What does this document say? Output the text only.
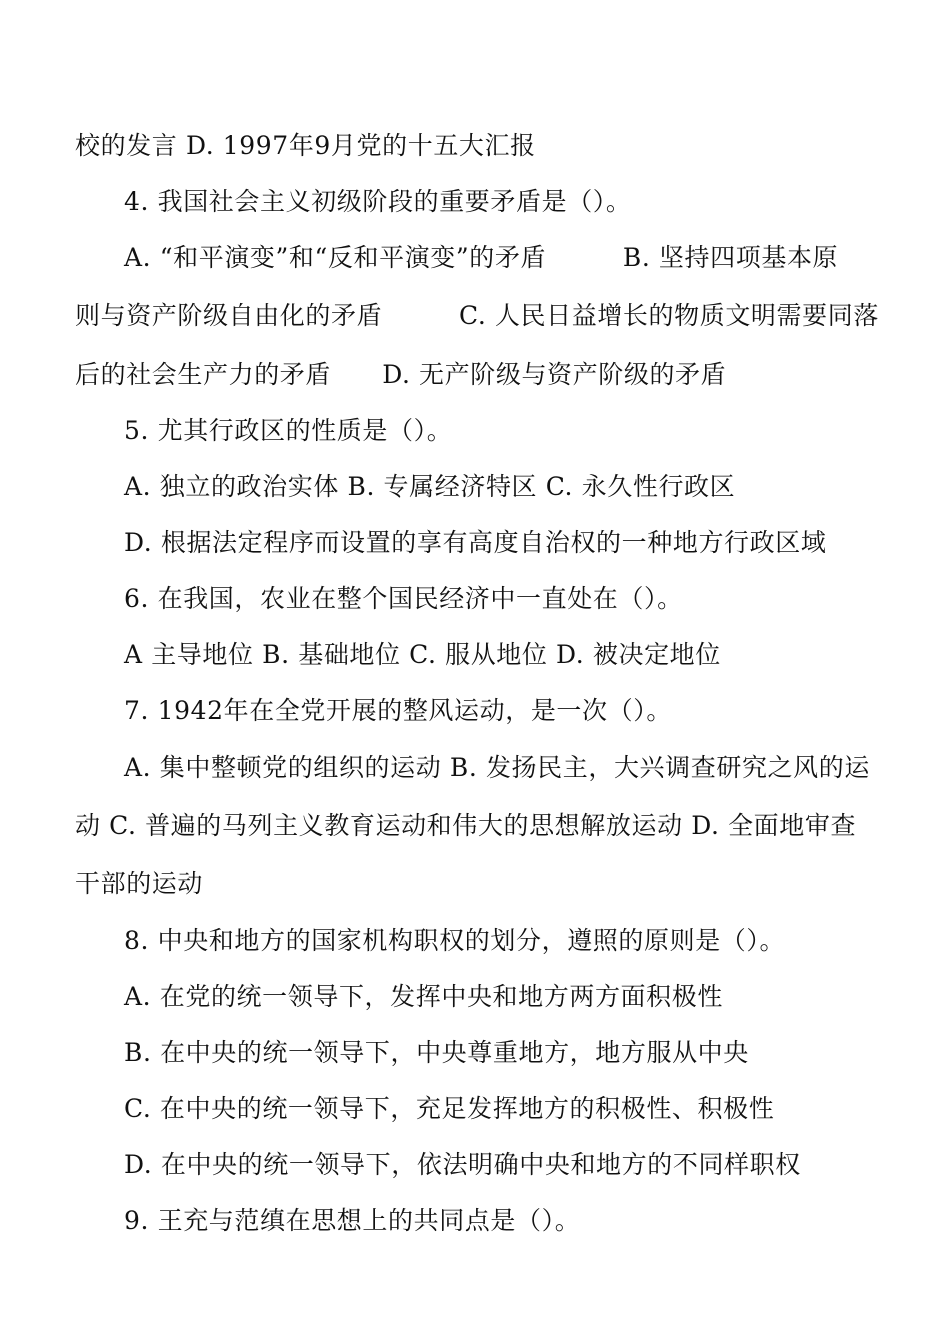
校的发言 D. 1997年9月党的十五大汇报
4. 我国社会主义初级阶段的重要矛盾是（）。
A. “和平演变”和“反和平演变”的矛盾　　　B. 坚持四项基本原
则与资产阶级自由化的矛盾　　　C. 人民日益增长的物质文明需要同落
后的社会生产力的矛盾　　D. 无产阶级与资产阶级的矛盾
5. 尤其行政区的性质是（）。
A. 独立的政治实体 B. 专属经济特区 C. 永久性行政区
D. 根据法定程序而设置的享有高度自治权的一种地方行政区域
6. 在我国，农业在整个国民经济中一直处在（）。
A 主导地位 B. 基础地位 C. 服从地位 D. 被决定地位
7. 1942年在全党开展的整风运动，是一次（）。
A. 集中整顿党的组织的运动 B. 发扬民主，大兴调查研究之风的运
动 C. 普遍的马列主义教育运动和伟大的思想解放运动 D. 全面地审查
干部的运动
8. 中央和地方的国家机构职权的划分，遵照的原则是（）。
A. 在党的统一领导下，发挥中央和地方两方面积极性
B. 在中央的统一领导下，中央尊重地方，地方服从中央
C. 在中央的统一领导下，充足发挥地方的积极性、积极性
D. 在中央的统一领导下，依法明确中央和地方的不同样职权
9. 王充与范缜在思想上的共同点是（）。
